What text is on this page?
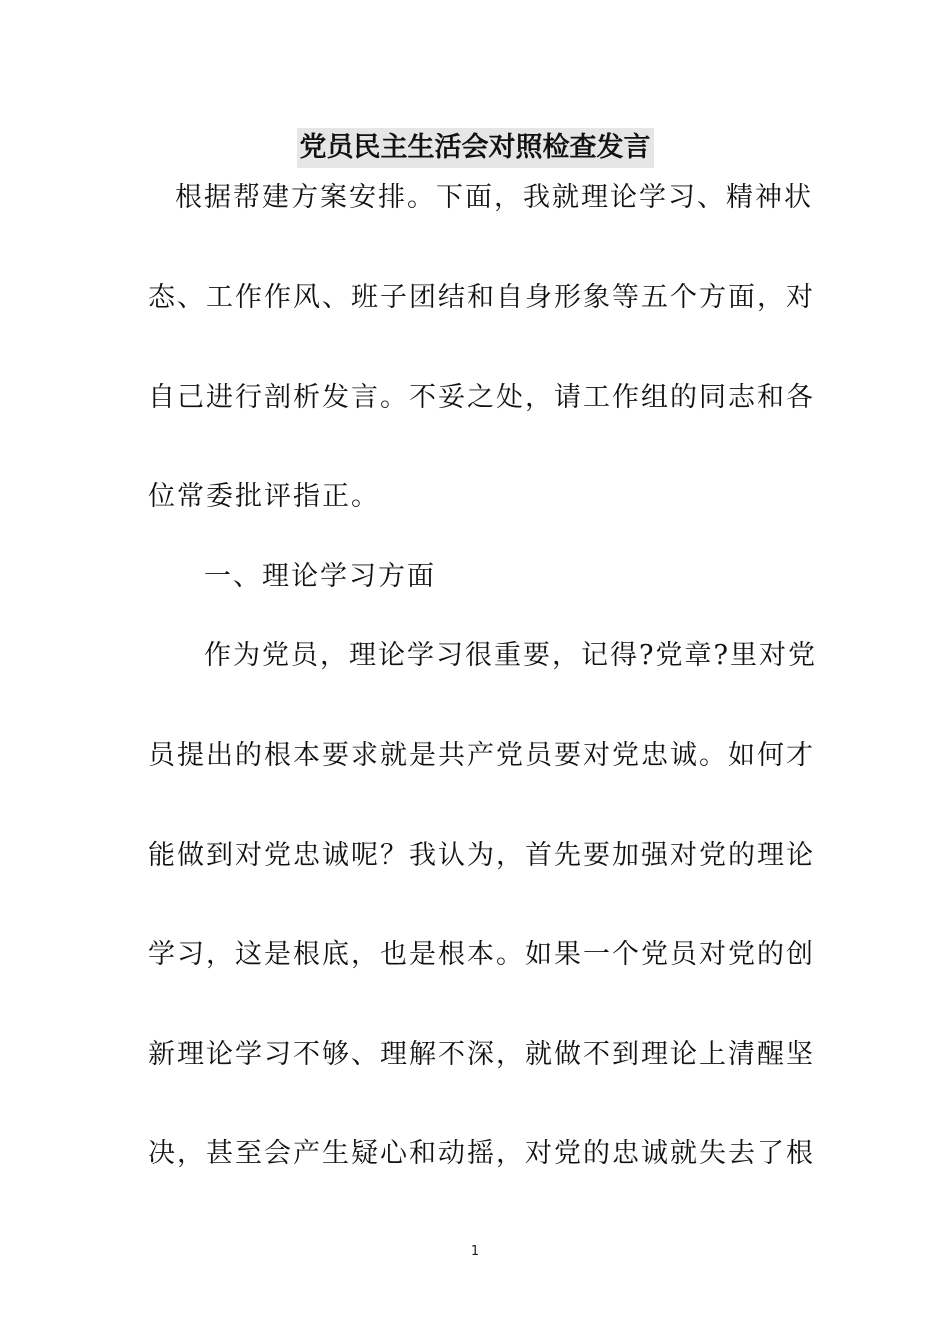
党员民主生活会对照检查发言
根据帮建方案安排。下面，我就理论学习、精神状
态、工作作风、班子团结和自身形象等五个方面，对
自己进行剖析发言。不妥之处，请工作组的同志和各
位常委批评指正。
一、理论学习方面
作为党员，理论学习很重要，记得?党章?里对党
员提出的根本要求就是共产党员要对党忠诚。如何才
能做到对党忠诚呢？我认为，首先要加强对党的理论
学习，这是根底，也是根本。如果一个党员对党的创
新理论学习不够、理解不深，就做不到理论上清醒坚
决，甚至会产生疑心和动摇，对党的忠诚就失去了根
1
